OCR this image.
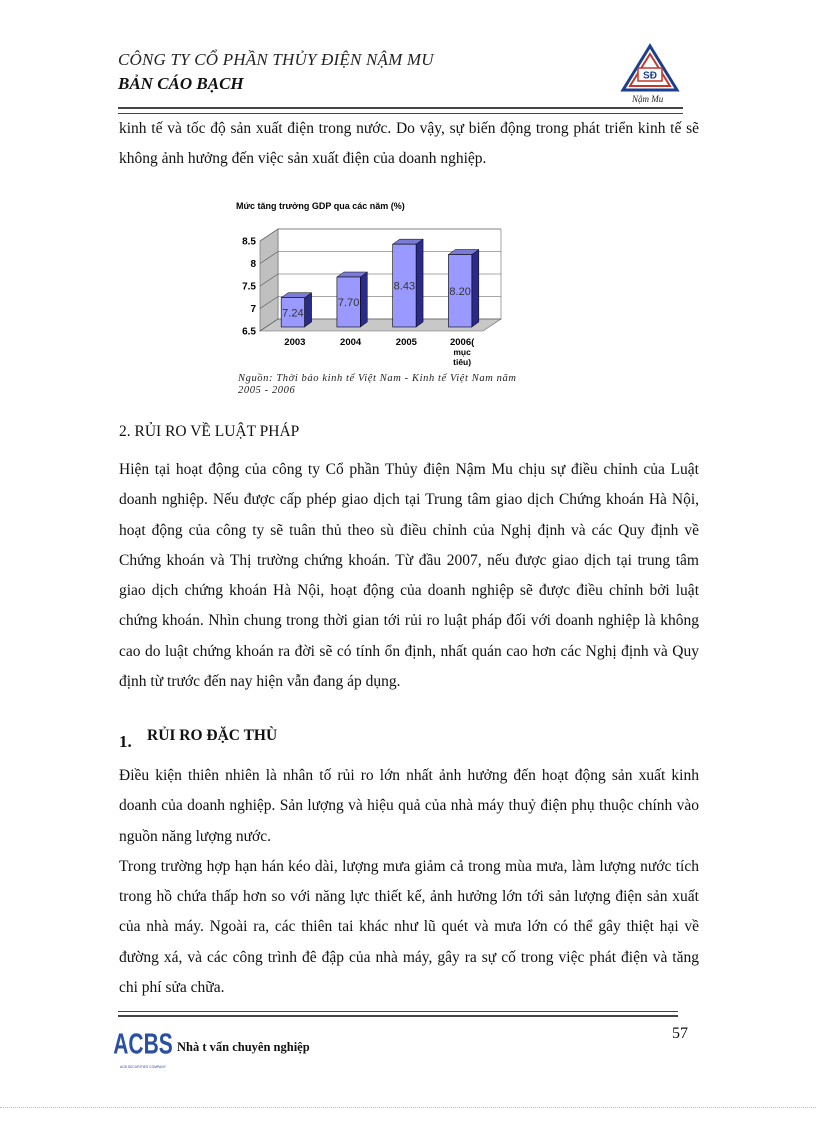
CÔNG TY CỔ PHẦN THỦY ĐIỆN NẬM MU
BẢN CÁO BẠCH	SĐ
Nậm Mu
kinh tế và tốc độ sản xuất điện trong nước. Do vậy, sự biến động trong phát triển kinh tế sẽ không ảnh hưởng đến việc sản xuất điện của doanh nghiệp.
Mức tăng trưởng GDP qua các năm (%)
6.5
7
7.5
8
8.5
7.24
2003
7.70
2004
8.43
2005
8.20
2006(
mục
tiêu)
Nguồn: Thời báo kinh tế Việt Nam - Kinh tế Việt Nam năm 2005 - 2006
2. RỦI RO VỀ LUẬT PHÁP
Hiện tại hoạt động của công ty Cổ phần Thủy điện Nậm Mu chịu sự điều chỉnh của Luật doanh nghiệp. Nếu được cấp phép giao dịch tại Trung tâm giao dịch Chứng khoán Hà Nội, hoạt động của công ty sẽ tuân thủ theo sù điều chỉnh của Nghị định và các Quy định về Chứng khoán và Thị trường chứng khoán. Từ đầu 2007, nếu được giao dịch tại trung tâm giao dịch chứng khoán Hà Nội, hoạt động của doanh nghiệp sẽ được điều chỉnh bởi luật chứng khoán. Nhìn chung trong thời gian tới rủi ro luật pháp đối với doanh nghiệp là không cao do luật chứng khoán ra đời sẽ có tính ổn định, nhất quán cao hơn các Nghị định và Quy định từ trước đến nay hiện vẫn đang áp dụng.
1. RỦI RO ĐẶC THÙ
Điều kiện thiên nhiên là nhân tố rủi ro lớn nhất ảnh hưởng đến hoạt động sản xuất kinh doanh của doanh nghiệp. Sản lượng và hiệu quả của nhà máy thuỷ điện phụ thuộc chính vào nguồn năng lượng nước.
Trong trường hợp hạn hán kéo dài, lượng mưa giảm cả trong mùa mưa, làm lượng nước tích trong hồ chứa thấp hơn so với năng lực thiết kế, ảnh hưởng lớn tới sản lượng điện sản xuất của nhà máy. Ngoài ra, các thiên tai khác như lũ quét và mưa lớn có thể gây thiệt hại về đường xá, và các công trình đê đập của nhà máy, gây ra sự cố trong việc phát điện và tăng chi phí sửa chữa.
ACBS
ACB SECURITIES COMPANY
Nhà t vấn chuyên nghiệp
57
